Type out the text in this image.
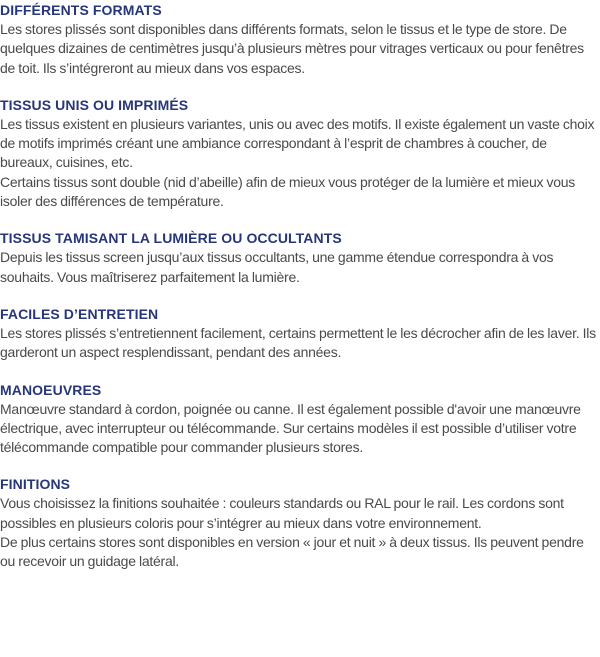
DIFFÉRENTS FORMATS

Les stores plissés sont disponibles dans différents formats, selon le tissus et le type de store. De quelques dizaines de centimètres jusqu’à plusieurs mètres pour vitrages verticaux ou pour fenêtres de toit. Ils s’intégreront au mieux dans vos espaces.

TISSUS UNIS OU IMPRIMÉS

Les tissus existent en plusieurs variantes, unis ou avec des motifs. Il existe également un vaste choix de motifs imprimés créant une ambiance correspondant à l’esprit de chambres à coucher, de bureaux, cuisines, etc.

Certains tissus sont double (nid d’abeille) afin de mieux vous protéger de la lumière et mieux vous isoler des différences de température.

TISSUS TAMISANT LA LUMIÈRE OU OCCULTANTS

Depuis les tissus screen jusqu’aux tissus occultants, une gamme étendue correspondra à vos souhaits. Vous maîtriserez parfaitement la lumière.

FACILES D’ENTRETIEN

Les stores plissés s’entretiennent facilement, certains permettent le les décrocher afin de les laver. Ils garderont un aspect resplendissant, pendant des années.

MANOEUVRES

Manœuvre standard à cordon, poignée ou canne. Il est également possible d'avoir une manœuvre électrique, avec interrupteur ou télécommande. Sur certains modèles il est possible d’utiliser votre télécommande compatible pour commander plusieurs stores.

FINITIONS

Vous choisissez la finitions souhaitée : couleurs standards ou RAL pour le rail. Les cordons sont possibles en plusieurs coloris pour s’intégrer au mieux dans votre environnement.

De plus certains stores sont disponibles en version « jour et nuit » à deux tissus. Ils peuvent pendre ou recevoir un guidage latéral.
